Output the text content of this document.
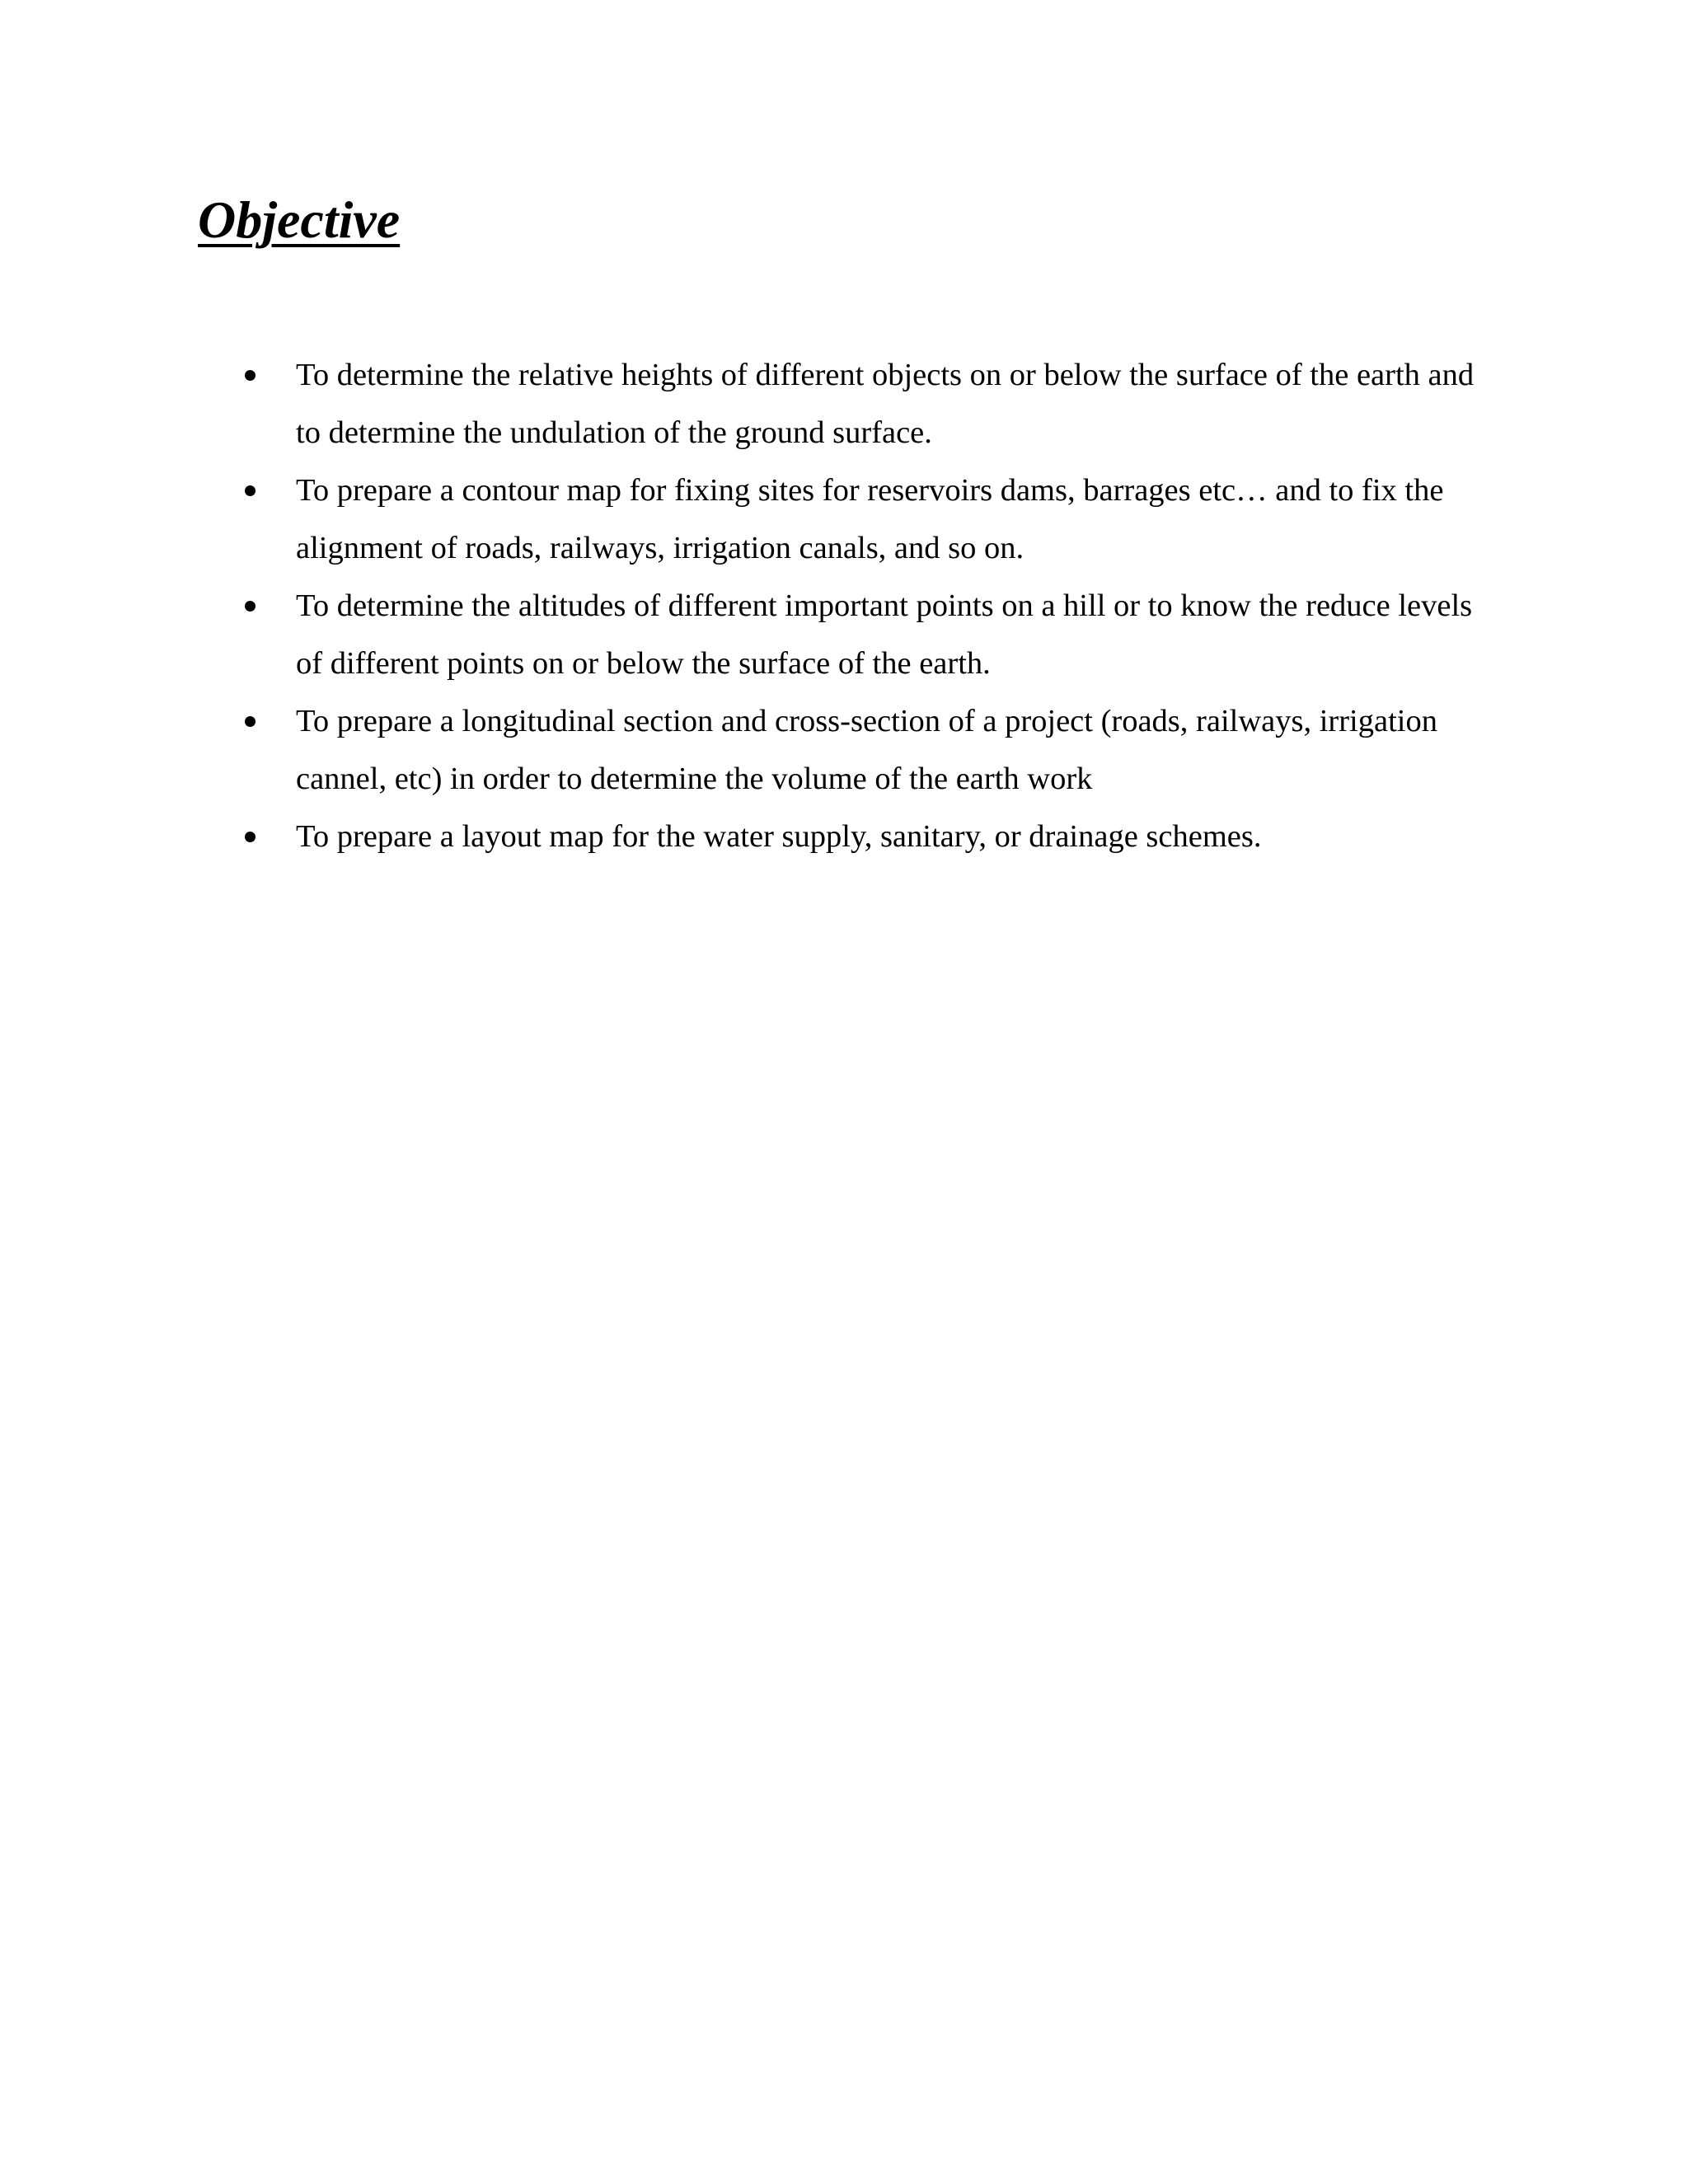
Objective
To determine the relative heights of different objects on or below the surface of the earth and to determine the undulation of the ground surface.
To prepare a contour map for fixing sites for reservoirs dams, barrages etc… and to fix the alignment of roads, railways, irrigation canals, and so on.
To determine the altitudes of different important points on a hill or to know the reduce levels of different points on or below the surface of the earth.
To prepare a longitudinal section and cross-section of a project (roads, railways, irrigation cannel, etc) in order to determine the volume of the earth work
To prepare a layout map for the water supply, sanitary, or drainage schemes.
